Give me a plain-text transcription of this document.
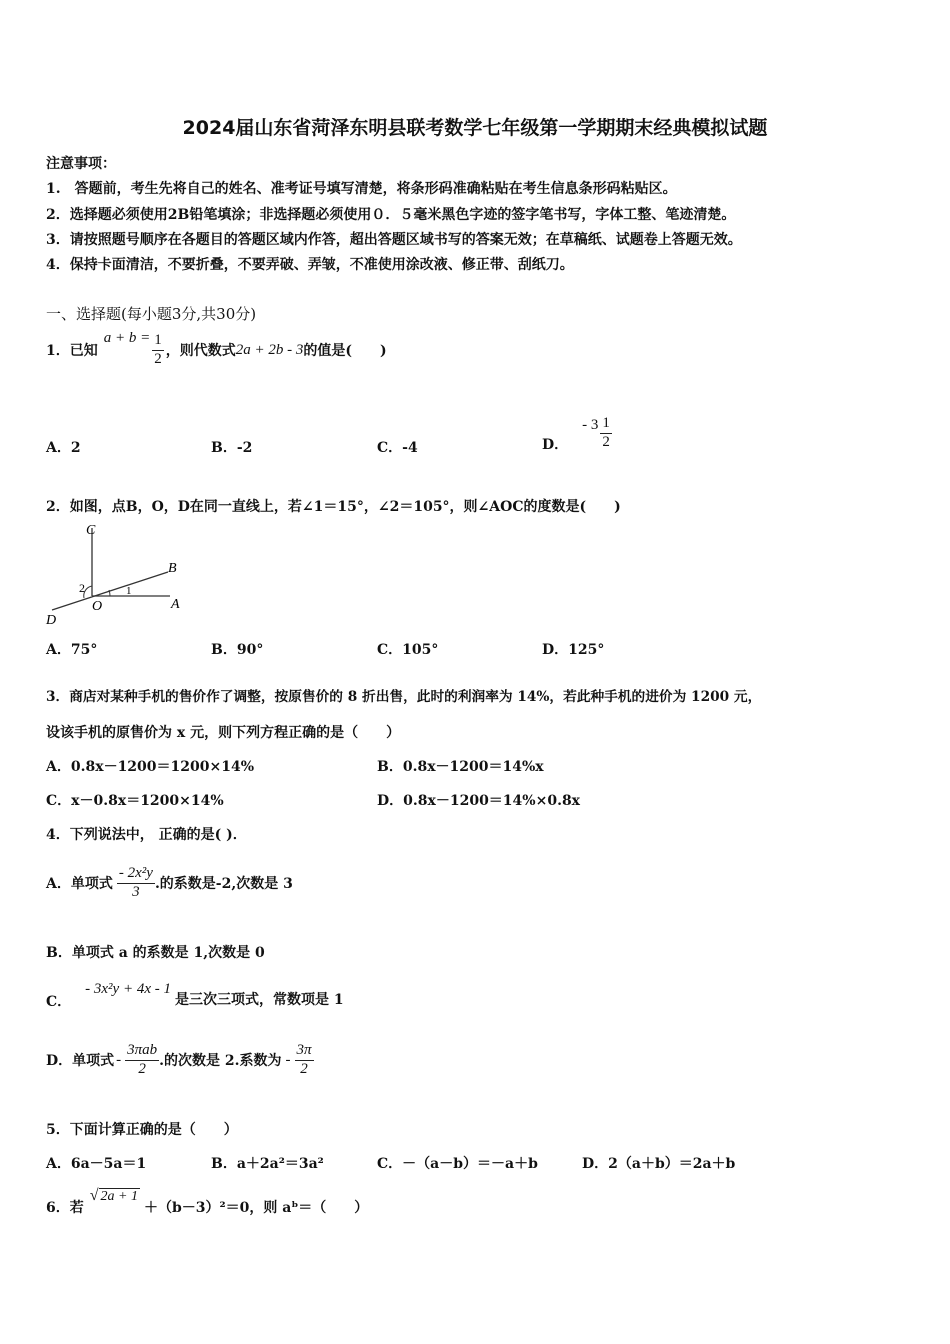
2024届山东省菏泽东明县联考数学七年级第一学期期末经典模拟试题
注意事项：
1.　答题前，考生先将自己的姓名、准考证号填写清楚，将条形码准确粘贴在考生信息条形码粘贴区。
2．选择题必须使用2B铅笔填涂；非选择题必须使用０．５毫米黑色字迹的签字笔书写，字体工整、笔迹清楚。
3．请按照题号顺序在各题目的答题区域内作答，超出答题区域书写的答案无效；在草稿纸、试题卷上答题无效。
4．保持卡面清洁，不要折叠，不要弄破、弄皱，不准使用涂改液、修正带、刮纸刀。
一、选择题(每小题3分,共30分)
1．已知
$a + b = \frac{1}{2}$ ，则代数式 2a + 2b - 3 的值是(　　)
A．2	B．-2	C．-4	D．
- $3 \frac{1}{2}$
2．如图，点B，O，D在同一直线上，若∠1＝15°，∠2＝105°，则∠AOC的度数是(　　)
C
B
O	A
D
2	1
A．75°	B．90°	C．105°	D．125°
3．商店对某种手机的售价作了调整，按原售价的 8 折出售，此时的利润率为 14%，若此种手机的进价为 1200 元，
设该手机的原售价为 x 元，则下列方程正确的是（　　）
A．0.8x－1200＝1200×14%	B．0.8x－1200＝14%x
C．x－0.8x＝1200×14%	D．0.8x－1200＝14%×0.8x
4．下列说法中， 正确的是( )．
A．单项式 $\frac{\text{- 2x²y}}{3}$ .的系数是-2,次数是 3
B．单项式 a 的系数是 1,次数是 0
C．
- 3x²y + 4x - 1
是三次三项式，常数项是 1
D．单项式 - $\frac{\text{3πab}}{2}$ .的次数是 2.系数为 - $\frac{3\pi}{2}$
5．下面计算正确的是（　　）
A．6a－5a＝1	B．a＋2a²＝3a²	C．－（a－b）＝－a＋b	D．2（a＋b）＝2a＋b
6．若
√ 2a + 1
＋（b－3）²＝0，则 aᵇ＝（　　）
